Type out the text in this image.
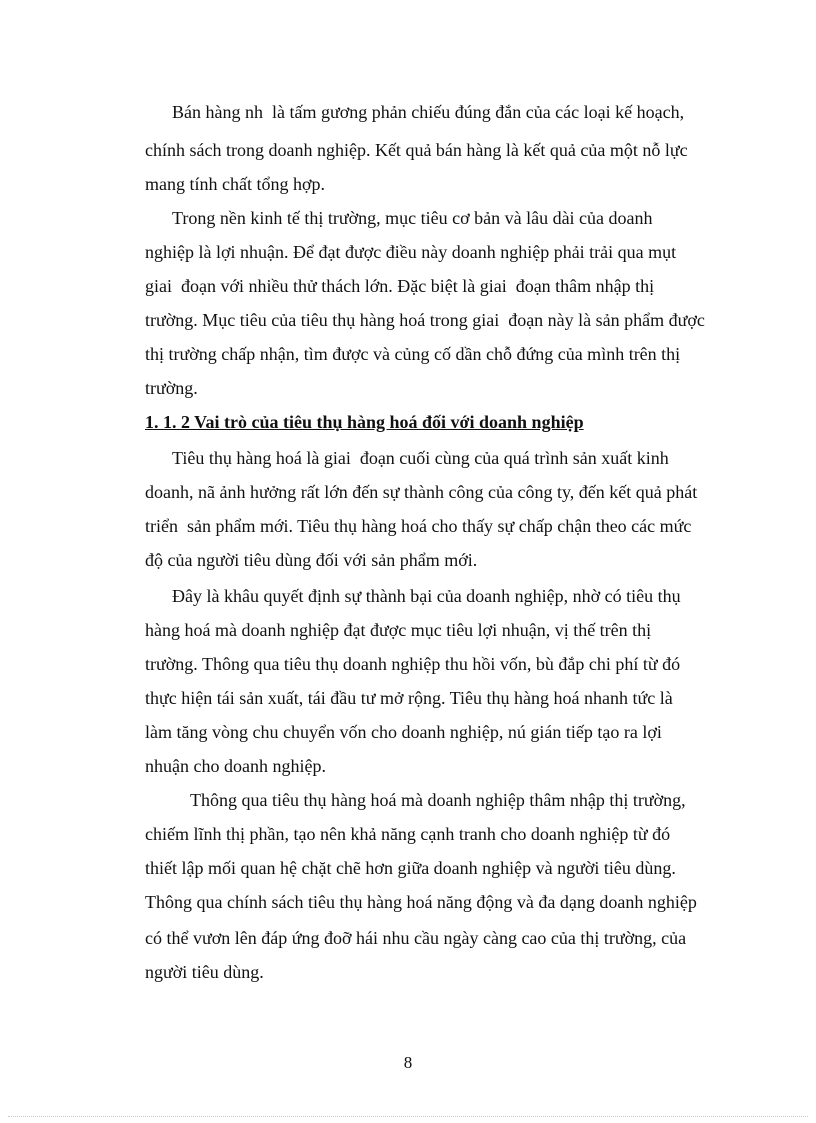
Bán hàng nh  là tấm gương phản chiếu đúng đắn của các loại kế hoạch,
chính sách trong doanh nghiệp. Kết quả bán hàng là kết quả của một nỗ lực
mang tính chất tổng hợp.
Trong nền kinh tế thị trường, mục tiêu cơ bản và lâu dài của doanh
nghiệp là lợi nhuận. Để đạt được điều này doanh nghiệp phải trải qua mụt
giai  đoạn với nhiều thử thách lớn. Đặc biệt là giai  đoạn thâm nhập thị
trường. Mục tiêu của tiêu thụ hàng hoá trong giai  đoạn này là sản phẩm được
thị trường chấp nhận, tìm được và củng cố dần chỗ đứng của mình trên thị
trường.
1. 1. 2 Vai trò của tiêu thụ hàng hoá đối với doanh nghiệp
Tiêu thụ hàng hoá là giai  đoạn cuối cùng của quá trình sản xuất kinh
doanh, nã ảnh hưởng rất lớn đến sự thành công của công ty, đến kết quả phát
triển  sản phẩm mới. Tiêu thụ hàng hoá cho thấy sự chấp chận theo các mức
độ của người tiêu dùng đối với sản phẩm mới.
Đây là khâu quyết định sự thành bại của doanh nghiệp, nhờ có tiêu thụ
hàng hoá mà doanh nghiệp đạt được mục tiêu lợi nhuận, vị thế trên thị
trường. Thông qua tiêu thụ doanh nghiệp thu hồi vốn, bù đắp chi phí từ đó
thực hiện tái sản xuất, tái đầu tư mở rộng. Tiêu thụ hàng hoá nhanh tức là
làm tăng vòng chu chuyển vốn cho doanh nghiệp, nú gián tiếp tạo ra lợi
nhuận cho doanh nghiệp.
Thông qua tiêu thụ hàng hoá mà doanh nghiệp thâm nhập thị trường,
chiếm lĩnh thị phần, tạo nên khả năng cạnh tranh cho doanh nghiệp từ đó
thiết lập mối quan hệ chặt chẽ hơn giữa doanh nghiệp và người tiêu dùng.
Thông qua chính sách tiêu thụ hàng hoá năng động và đa dạng doanh nghiệp
có thể vươn lên đáp ứng đoỡ hái nhu cầu ngày càng cao của thị trường, của
người tiêu dùng.
8
